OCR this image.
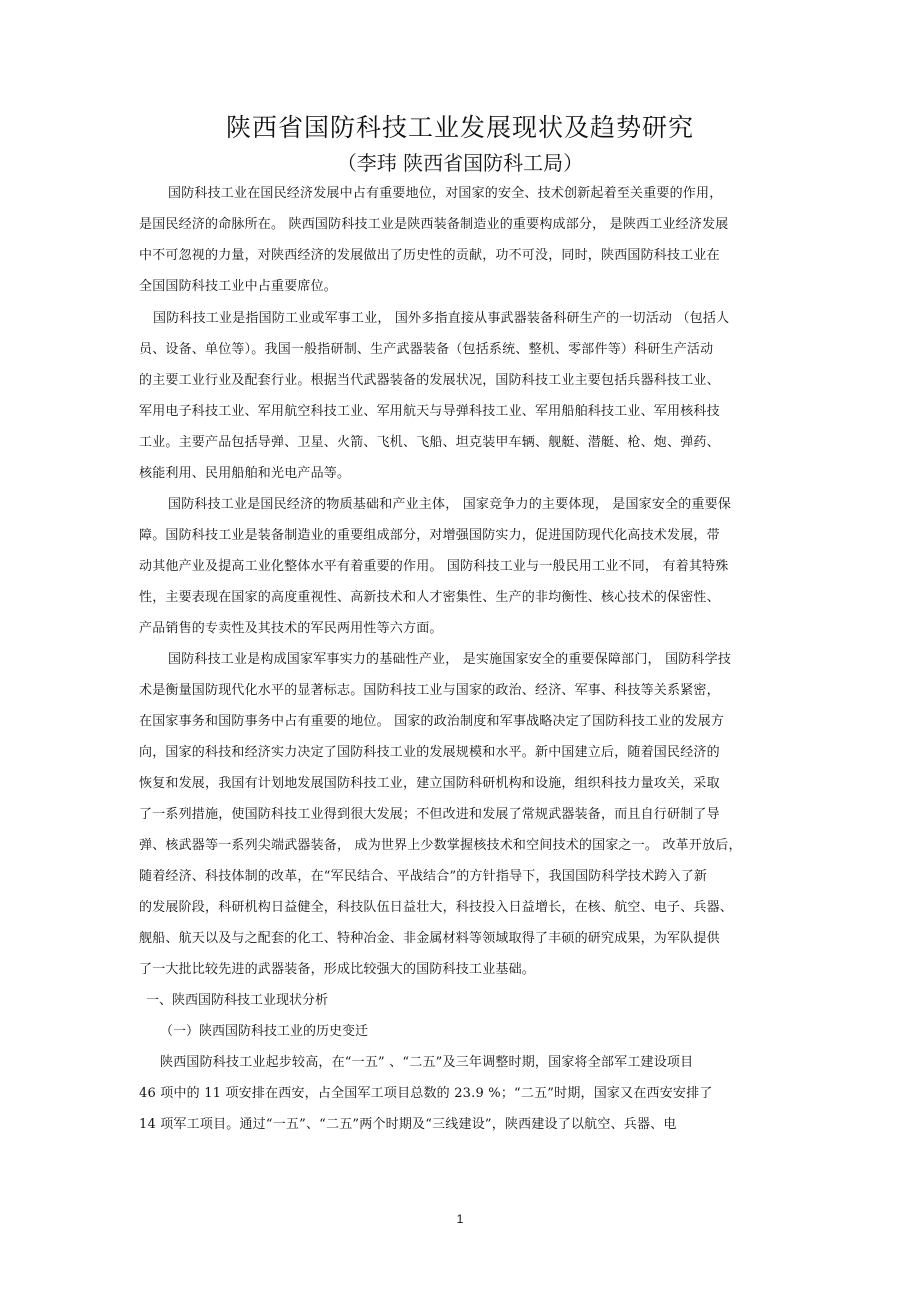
陕西省国防科技工业发展现状及趋势研究
（李玮 陕西省国防科工局）
国防科技工业在国民经济发展中占有重要地位，对国家的安全、技术创新起着至关重要的作用，
是国民经济的命脉所在。 陕西国防科技工业是陕西装备制造业的重要构成部分， 是陕西工业经济发展
中不可忽视的力量，对陕西经济的发展做出了历史性的贡献，功不可没，同时，陕西国防科技工业在
全国国防科技工业中占重要席位。
国防科技工业是指国防工业或军事工业， 国外多指直接从事武器装备科研生产的一切活动 （包括人
员、设备、单位等）。我国一般指研制、生产武器装备（包括系统、整机、零部件等）科研生产活动
的主要工业行业及配套行业。根据当代武器装备的发展状况，国防科技工业主要包括兵器科技工业、
军用电子科技工业、军用航空科技工业、军用航天与导弹科技工业、军用船舶科技工业、军用核科技
工业。主要产品包括导弹、卫星、火箭、飞机、飞船、坦克装甲车辆、舰艇、潜艇、枪、炮、弹药、
核能利用、民用船舶和光电产品等。
国防科技工业是国民经济的物质基础和产业主体， 国家竞争力的主要体现， 是国家安全的重要保
障。国防科技工业是装备制造业的重要组成部分，对增强国防实力，促进国防现代化高技术发展，带
动其他产业及提高工业化整体水平有着重要的作用。 国防科技工业与一般民用工业不同， 有着其特殊
性，主要表现在国家的高度重视性、高新技术和人才密集性、生产的非均衡性、核心技术的保密性、
产品销售的专卖性及其技术的军民两用性等六方面。
国防科技工业是构成国家军事实力的基础性产业， 是实施国家安全的重要保障部门， 国防科学技
术是衡量国防现代化水平的显著标志。国防科技工业与国家的政治、经济、军事、科技等关系紧密，
在国家事务和国防事务中占有重要的地位。 国家的政治制度和军事战略决定了国防科技工业的发展方
向，国家的科技和经济实力决定了国防科技工业的发展规模和水平。新中国建立后，随着国民经济的
恢复和发展，我国有计划地发展国防科技工业，建立国防科研机构和设施，组织科技力量攻关，采取
了一系列措施，使国防科技工业得到很大发展；不但改进和发展了常规武器装备，而且自行研制了导
弹、核武器等一系列尖端武器装备， 成为世界上少数掌握核技术和空间技术的国家之一。 改革开放后，
随着经济、科技体制的改革，在“军民结合、平战结合”的方针指导下，我国国防科学技术跨入了新
的发展阶段，科研机构日益健全，科技队伍日益壮大，科技投入日益增长，在核、航空、电子、兵器、
舰船、航天以及与之配套的化工、特种冶金、非金属材料等领域取得了丰硕的研究成果，为军队提供
了一大批比较先进的武器装备，形成比较强大的国防科技工业基础。
一、陕西国防科技工业现状分析
（一）陕西国防科技工业的历史变迁
陕西国防科技工业起步较高，在“一五” 、“二五”及三年调整时期，国家将全部军工建设项目
46 项中的 11 项安排在西安，占全国军工项目总数的 23.9 %；“二五”时期，国家又在西安安排了
14 项军工项目。通过“一五”、“二五”两个时期及“三线建设”，陕西建设了以航空、兵器、电
1
